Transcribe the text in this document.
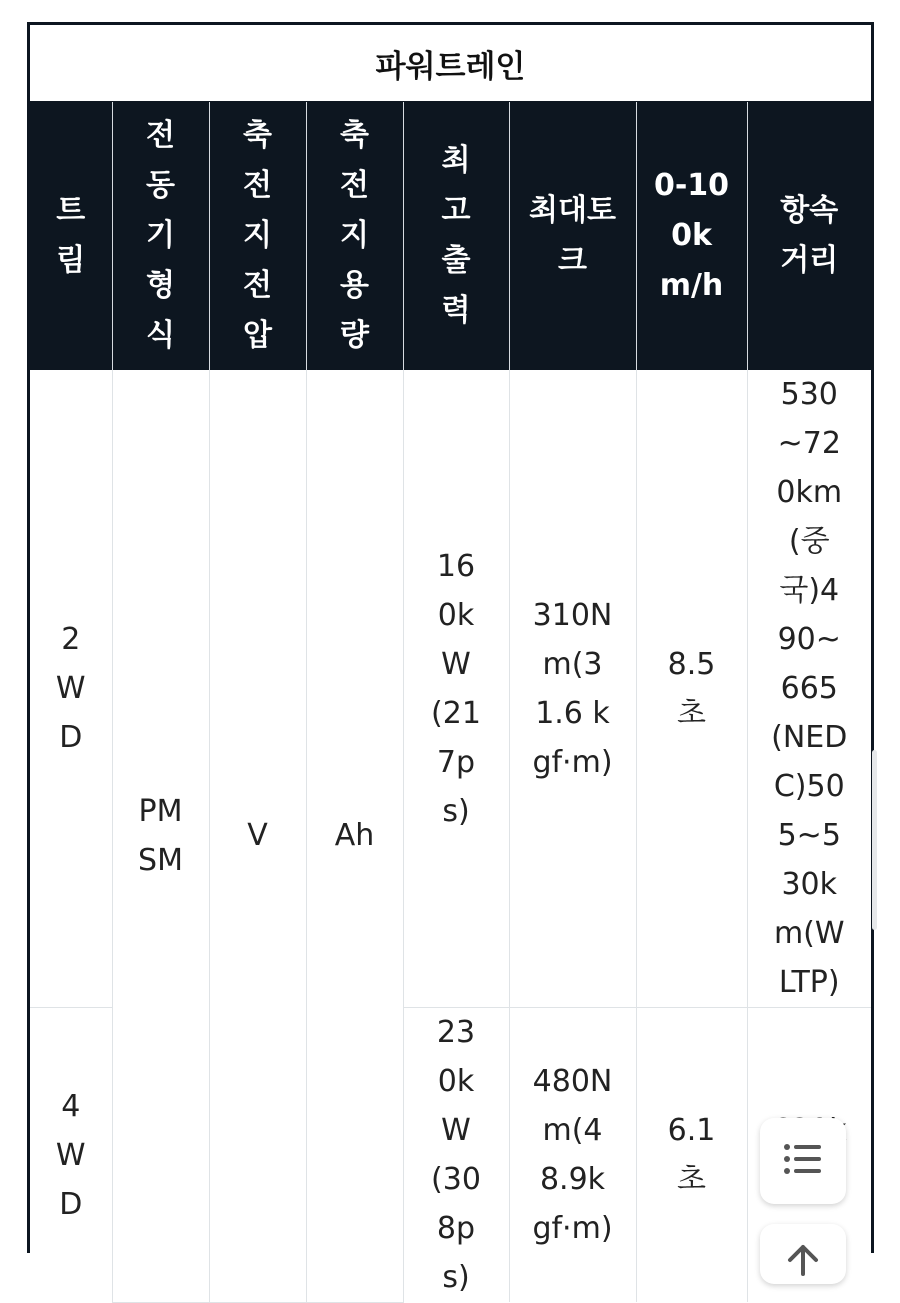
파워트레인
트림	전동기형식	축전지전압	축전지용량	최고출력	최대토크	0-100km/h	항속거리
2WD	PMSM	V	Ah	160kW(217ps)	310Nm(31.6 kgf·m)	8.5초	530~720km(중국)490~665(NEDC)505~530km(WLTP)
4WD				230kW(308ps)	480Nm(48.9kgf·m)	6.1초	
